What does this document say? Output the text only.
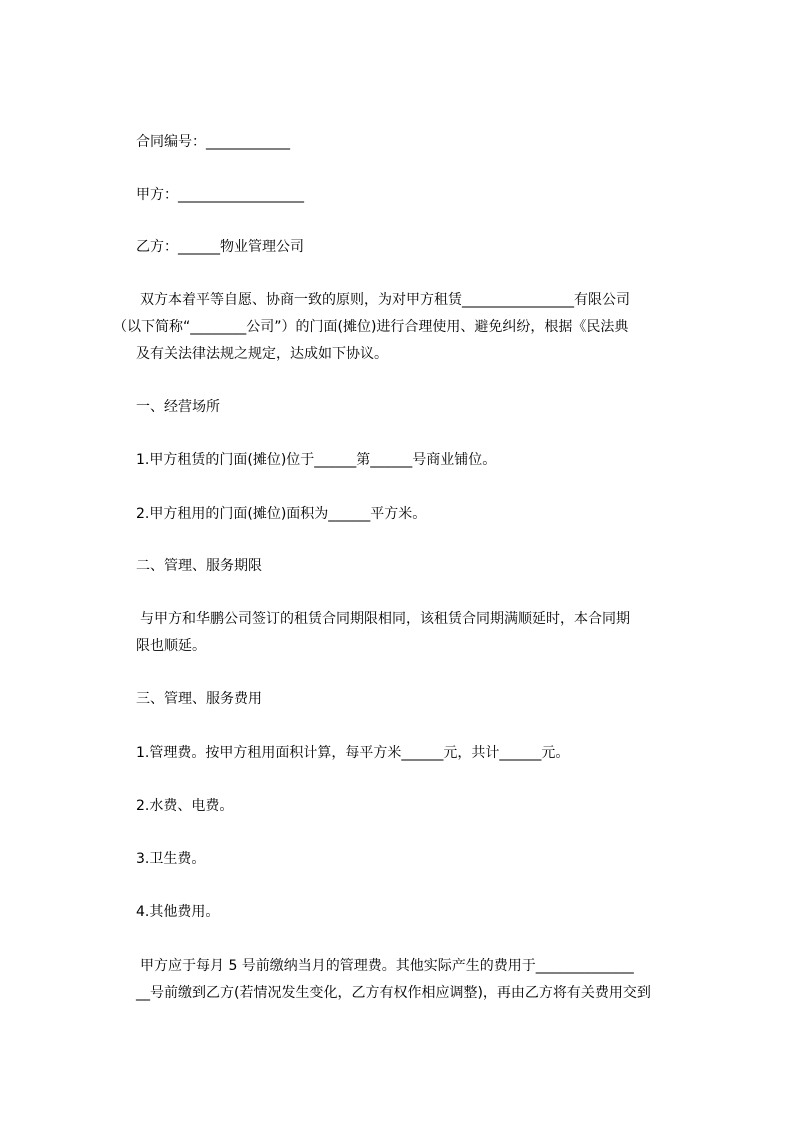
合同编号：____________

甲方：__________________

乙方：______物业管理公司

双方本着平等自愿、协商一致的原则，为对甲方租赁________________有限公司

（以下简称“________公司”）的门面(摊位)进行合理使用、避免纠纷，根据《民法典

及有关法律法规之规定，达成如下协议。

一、经营场所

1.甲方租赁的门面(摊位)位于______第______号商业铺位。

2.甲方租用的门面(摊位)面积为______平方米。

二、管理、服务期限

与甲方和华鹏公司签订的租赁合同期限相同，该租赁合同期满顺延时，本合同期

限也顺延。

三、管理、服务费用

1.管理费。按甲方租用面积计算，每平方米______元，共计______元。

2.水费、电费。

3.卫生费。

4.其他费用。

甲方应于每月 5 号前缴纳当月的管理费。其他实际产生的费用于______________

__号前缴到乙方(若情况发生变化，乙方有权作相应调整)，再由乙方将有关费用交到
